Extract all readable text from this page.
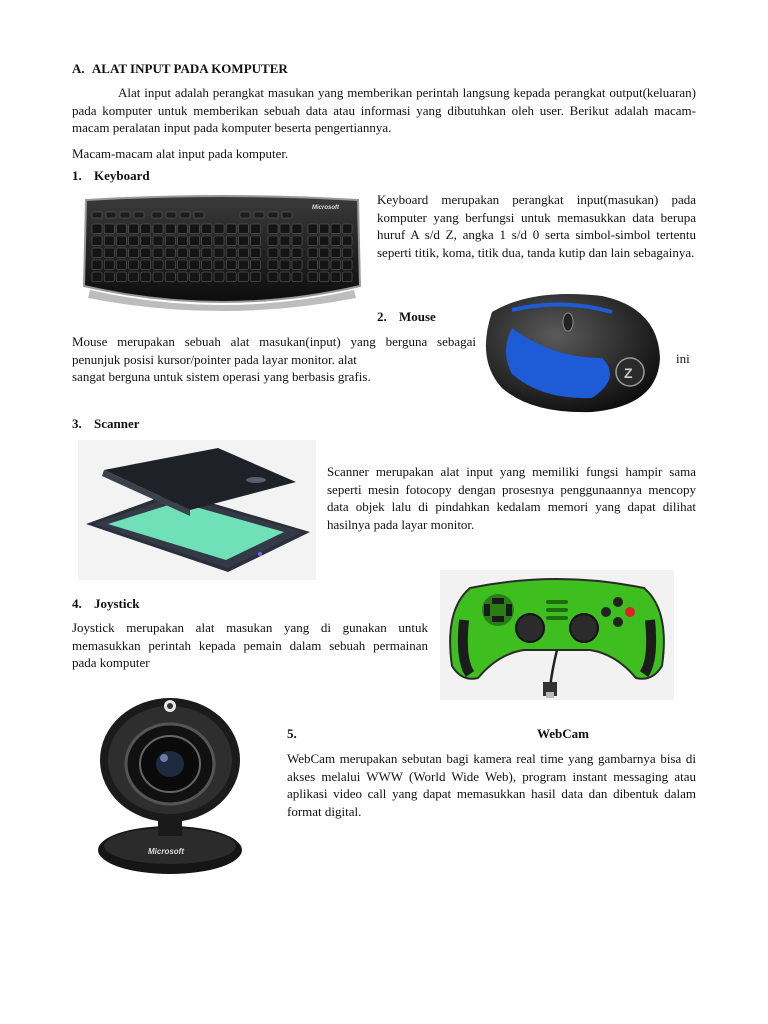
A. ALAT INPUT PADA KOMPUTER
Alat input adalah perangkat masukan yang memberikan perintah langsung kepada perangkat output(keluaran) pada komputer untuk memberikan sebuah data atau informasi yang dibutuhkan oleh user. Berikut adalah macam-macam peralatan input pada komputer beserta pengertiannya.
Macam-macam alat input pada komputer.
1. Keyboard
Microsoft
Keyboard merupakan perangkat input(masukan) pada komputer yang berfungsi untuk memasukkan data berupa huruf A s/d Z, angka 1 s/d 0 serta simbol-simbol tertentu seperti titik, koma, titik dua, tanda kutip dan lain sebagainya.
2. Mouse
Z
Mouse merupakan sebuah alat masukan(input) yang berguna sebagai penunjuk posisi kursor/pointer pada layar monitor. alat	ini
sangat berguna untuk sistem operasi yang berbasis grafis.
3. Scanner
Scanner merupakan alat input yang memiliki fungsi hampir sama seperti mesin fotocopy dengan prosesnya penggunaannya mencopy data objek lalu di pindahkan kedalam memori yang dapat dilihat hasilnya pada layar monitor.
4. Joystick
Joystick merupakan alat masukan yang di gunakan untuk memasukkan perintah kepada pemain dalam sebuah permainan pada komputer
Microsoft
5.	WebCam
WebCam merupakan sebutan bagi kamera real time yang gambarnya bisa di akses melalui WWW (World Wide Web), program instant messaging atau aplikasi video call yang dapat memasukkan hasil data dan dibentuk dalam format digital.
